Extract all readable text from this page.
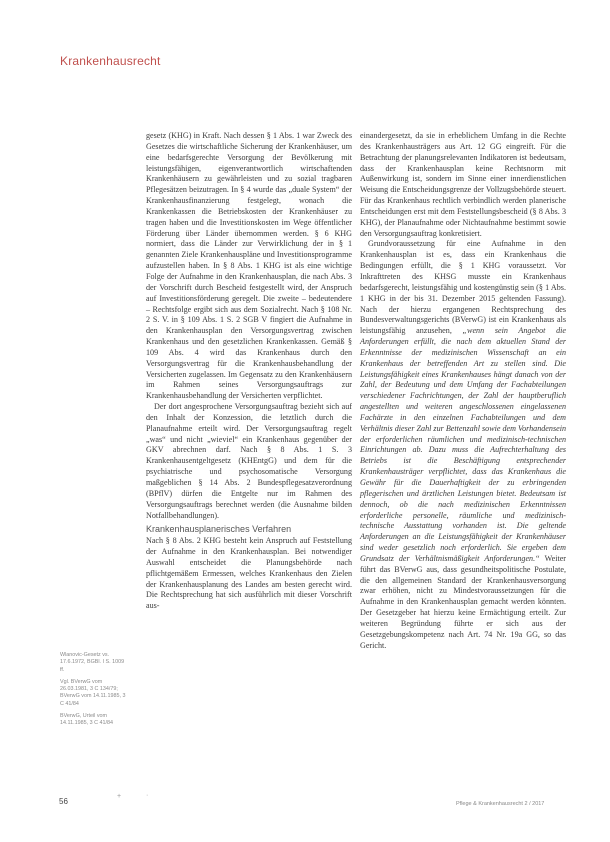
Krankenhausrecht

gesetz (KHG) in Kraft. Nach dessen § 1 Abs. 1 war Zweck des Gesetzes die wirtschaftliche Sicherung der Krankenhäuser, um eine bedarfsgerechte Versorgung der Bevölkerung mit leistungsfähigen, eigenverantwortlich wirtschaftenden Krankenhäusern zu gewährleisten und zu sozial tragbaren Pflegesätzen beizutragen. In § 4 wurde das „duale System“ der Krankenhausfinanzierung festgelegt, wonach die Krankenkassen die Betriebskosten der Krankenhäuser zu tragen haben und die Investitionskosten im Wege öffentlicher Förderung über Länder übernommen werden. § 6 KHG normiert, dass die Länder zur Verwirklichung der in § 1 genannten Ziele Krankenhauspläne und Investitionsprogramme aufzustellen haben. In § 8 Abs. 1 KHG ist als eine wichtige Folge der Aufnahme in den Krankenhausplan, die nach Abs. 3 der Vorschrift durch Bescheid festgestellt wird, der Anspruch auf Investitionsförderung geregelt. Die zweite – bedeutendere – Rechtsfolge ergibt sich aus dem Sozialrecht. Nach § 108 Nr. 2 S. V. in § 109 Abs. 1 S. 2 SGB V fingiert die Aufnahme in den Krankenhausplan den Versorgungsvertrag zwischen Krankenhaus und den gesetzlichen Krankenkassen. Gemäß § 109 Abs. 4 wird das Krankenhaus durch den Versorgungsvertrag für die Krankenhausbehandlung der Versicherten zugelassen. Im Gegensatz zu den Krankenhäusern im Rahmen seines Versorgungsauftrags zur Krankenhausbehandlung der Versicherten verpflichtet.

Der dort angesprochene Versorgungsauftrag bezieht sich auf den Inhalt der Konzession, die letztlich durch die Planaufnahme erteilt wird. Der Versorgungsauftrag regelt „was“ und nicht „wieviel“ ein Krankenhaus gegenüber der GKV abrechnen darf. Nach § 8 Abs. 1 S. 3 Krankenhausentgeltgesetz (KHEntgG) und dem für die psychiatrische und psychosomatische Versorgung maßgeblichen § 14 Abs. 2 Bundespflegesatzverordnung (BPflV) dürfen die Entgelte nur im Rahmen des Versorgungsauftrags berechnet werden (die Ausnahme bilden Notfallbehandlungen).

Krankenhausplanerisches Verfahren

Nach § 8 Abs. 2 KHG besteht kein Anspruch auf Feststellung der Aufnahme in den Krankenhausplan. Bei notwendiger Auswahl entscheidet die Planungsbehörde nach pflichtgemäßem Ermessen, welches Krankenhaus den Zielen der Krankenhausplanung des Landes am besten gerecht wird. Die Rechtsprechung hat sich ausführlich mit dieser Vorschrift aus-

einandergesetzt, da sie in erheblichem Umfang in die Rechte des Krankenhausträgers aus Art. 12 GG eingreift. Für die Betrachtung der planungsrelevanten Indikatoren ist bedeutsam, dass der Krankenhausplan keine Rechtsnorm mit Außenwirkung ist, sondern im Sinne einer innerdienstlichen Weisung die Entscheidungsgrenze der Vollzugsbehörde steuert. Für das Krankenhaus rechtlich verbindlich werden planerische Entscheidungen erst mit dem Feststellungsbescheid (§ 8 Abs. 3 KHG), der Planaufnahme oder Nichtaufnahme bestimmt sowie den Versorgungsauftrag konkretisiert.

Grundvoraussetzung für eine Aufnahme in den Krankenhausplan ist es, dass ein Krankenhaus die Bedingungen erfüllt, die § 1 KHG voraussetzt. Vor Inkrafttreten des KHSG musste ein Krankenhaus bedarfsgerecht, leistungsfähig und kostengünstig sein (§ 1 Abs. 1 KHG in der bis 31. Dezember 2015 geltenden Fassung). Nach der hierzu ergangenen Rechtsprechung des Bundesverwaltungsgerichts (BVerwG) ist ein Krankenhaus als leistungsfähig anzusehen, „wenn sein Angebot die Anforderungen erfüllt, die nach dem aktuellen Stand der Erkenntnisse der medizinischen Wissenschaft an ein Krankenhaus der betreffenden Art zu stellen sind. Die Leistungsfähigkeit eines Krankenhauses hängt danach von der Zahl, der Bedeutung und dem Umfang der Fachabteilungen verschiedener Fachrichtungen, der Zahl der hauptberuflich angestellten und weiteren angeschlossenen eingelassenen Fachärzte in den einzelnen Fachabteilungen und dem Verhältnis dieser Zahl zur Bettenzahl sowie dem Vorhandensein der erforderlichen räumlichen und medizinisch-technischen Einrichtungen ab. Dazu muss die Aufrechterhaltung des Betriebs ist die Beschäftigung entsprechender Krankenhausträger verpflichtet, dass das Krankenhaus die Gewähr für die Dauerhaftigkeit der zu erbringenden pflegerischen und ärztlichen Leistungen bietet. Bedeutsam ist dennoch, ob die nach medizinischen Erkenntnissen erforderliche personelle, räumliche und medizinisch-technische Ausstattung vorhanden ist. Die geltende Anforderungen an die Leistungsfähigkeit der Krankenhäuser sind weder gesetzlich noch erforderlich. Sie ergeben dem Grundsatz der Verhältnismäßigkeit Anforderungen.“ Weiter führt das BVerwG aus, dass gesundheitspolitische Postulate, die den allgemeinen Standard der Krankenhausversorgung zwar erhöhen, nicht zu Mindestvoraussetzungen für die Aufnahme in den Krankenhausplan gemacht werden könnten. Der Gesetzgeber hat hierzu keine Ermächtigung erteilt. Zur weiteren Begründung führte er sich aus der Gesetzgebungskompetenz nach Art. 74 Nr. 19a GG, so das Gericht.

Wlanovic-Gesetz vs. 17.6.1972, BGBl. I S. 1009 ff.
Vgl. BVerwG vom 26.03.1981, 3 C 134/79; BVerwG vom 14.11.1985, 3 C 41/84
BVerwG, Urteil vom 14.11.1985, 3 C 41/84
56	Pflege & Krankenhausrecht 2 / 2017
+	·
